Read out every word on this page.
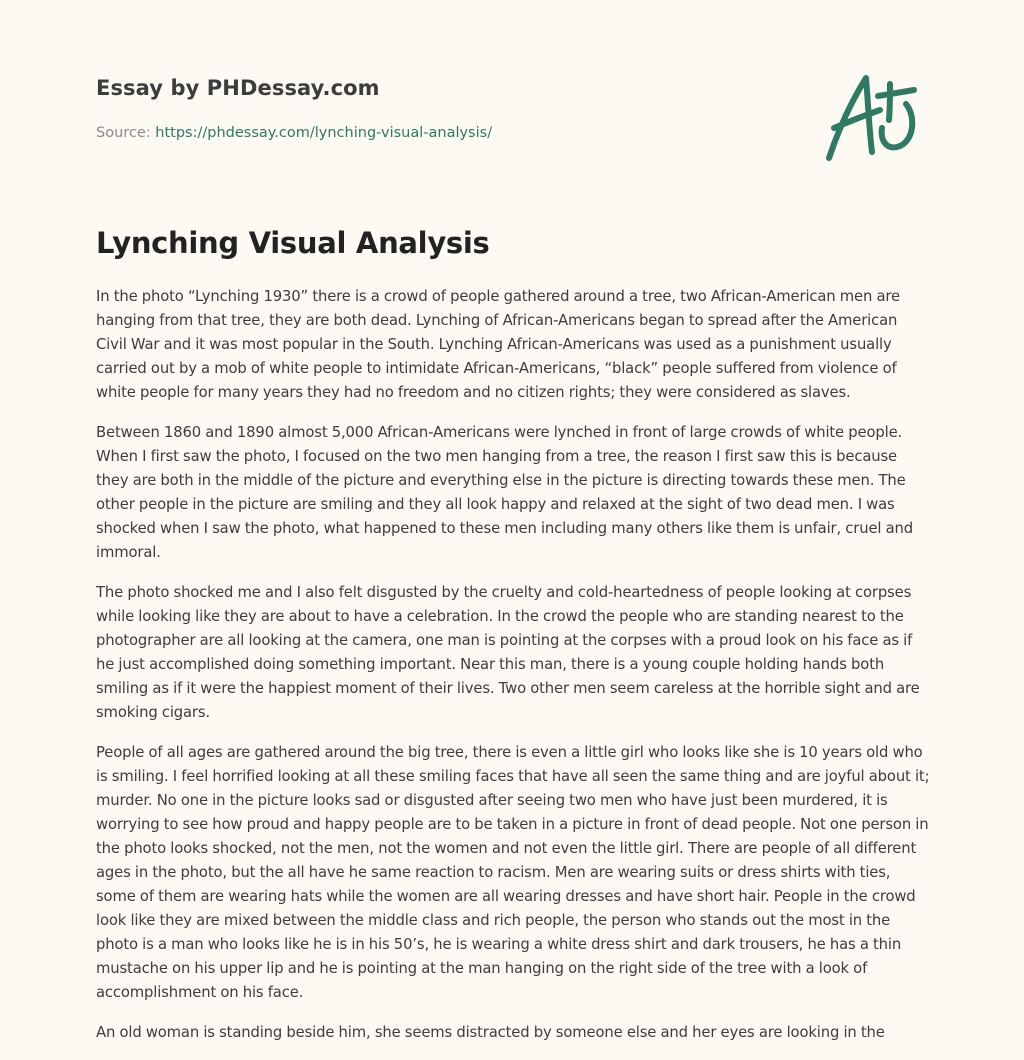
Essay by PHDessay.com
Source: https://phdessay.com/lynching-visual-analysis/
Lynching Visual Analysis

In the photo “Lynching 1930” there is a crowd of people gathered around a tree, two African-American men are hanging from that tree, they are both dead. Lynching of African-Americans began to spread after the American Civil War and it was most popular in the South. Lynching African-Americans was used as a punishment usually carried out by a mob of white people to intimidate African-Americans, “black” people suffered from violence of white people for many years they had no freedom and no citizen rights; they were considered as slaves.

Between 1860 and 1890 almost 5,000 African-Americans were lynched in front of large crowds of white people. When I first saw the photo, I focused on the two men hanging from a tree, the reason I first saw this is because they are both in the middle of the picture and everything else in the picture is directing towards these men. The other people in the picture are smiling and they all look happy and relaxed at the sight of two dead men. I was shocked when I saw the photo, what happened to these men including many others like them is unfair, cruel and immoral.

The photo shocked me and I also felt disgusted by the cruelty and cold-heartedness of people looking at corpses while looking like they are about to have a celebration. In the crowd the people who are standing nearest to the photographer are all looking at the camera, one man is pointing at the corpses with a proud look on his face as if he just accomplished doing something important. Near this man, there is a young couple holding hands both smiling as if it were the happiest moment of their lives. Two other men seem careless at the horrible sight and are smoking cigars.

People of all ages are gathered around the big tree, there is even a little girl who looks like she is 10 years old who is smiling. I feel horrified looking at all these smiling faces that have all seen the same thing and are joyful about it; murder. No one in the picture looks sad or disgusted after seeing two men who have just been murdered, it is worrying to see how proud and happy people are to be taken in a picture in front of dead people. Not one person in the photo looks shocked, not the men, not the women and not even the little girl. There are people of all different ages in the photo, but the all have he same reaction to racism. Men are wearing suits or dress shirts with ties, some of them are wearing hats while the women are all wearing dresses and have short hair. People in the crowd look like they are mixed between the middle class and rich people, the person who stands out the most in the photo is a man who looks like he is in his 50’s, he is wearing a white dress shirt and dark trousers, he has a thin mustache on his upper lip and he is pointing at the man hanging on the right side of the tree with a look of accomplishment on his face.

An old woman is standing beside him, she seems distracted by someone else and her eyes are looking in the
